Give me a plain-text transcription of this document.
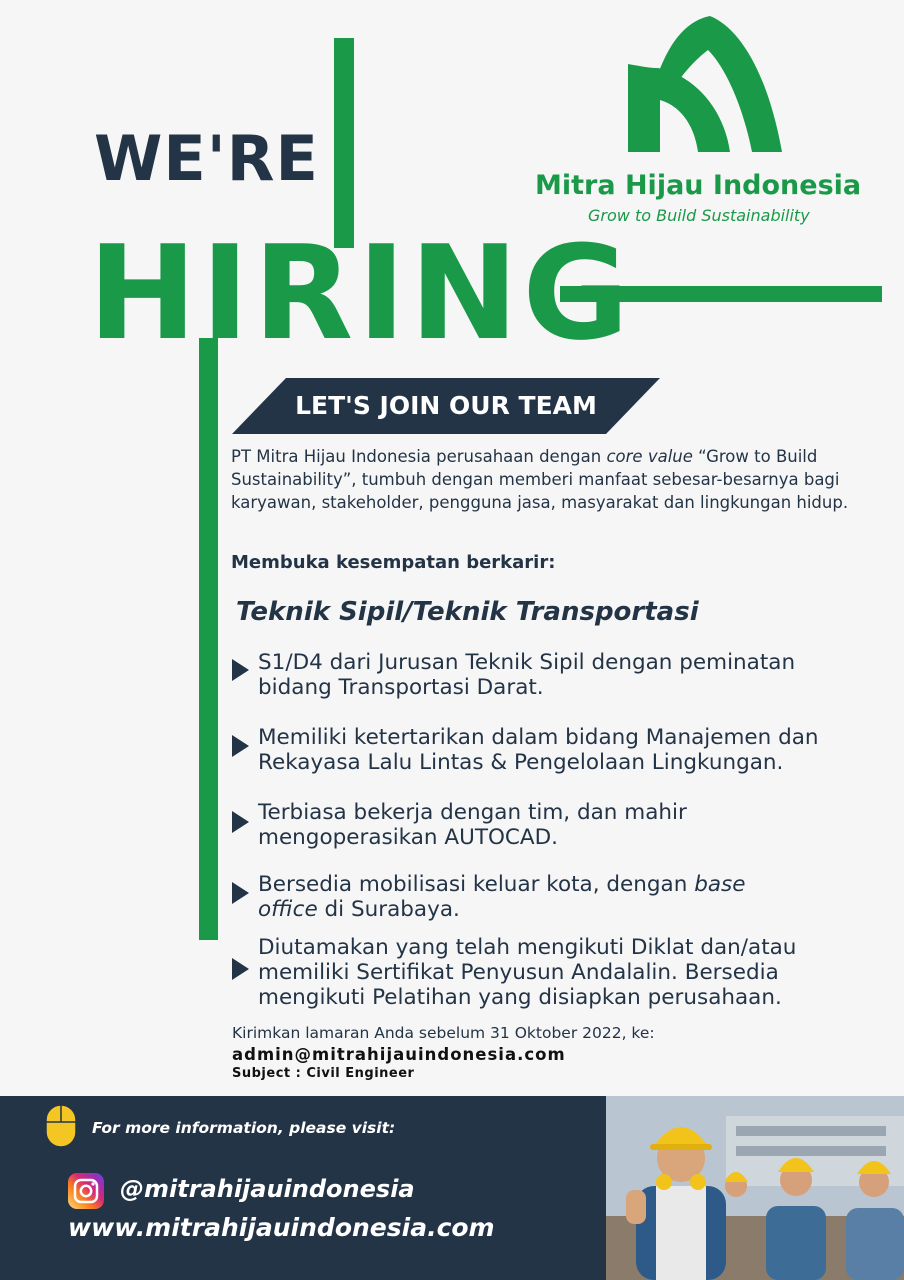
WE'RE
HIRING
Mitra Hijau Indonesia
Grow to Build Sustainability
LET'S JOIN OUR TEAM
PT Mitra Hijau Indonesia perusahaan dengan core value “Grow to Build Sustainability”, tumbuh dengan memberi manfaat sebesar-besarnya bagi karyawan, stakeholder, pengguna jasa, masyarakat dan lingkungan hidup.
Membuka kesempatan berkarir:
Teknik Sipil/Teknik Transportasi
S1/D4 dari Jurusan Teknik Sipil dengan peminatan bidang Transportasi Darat.
Memiliki ketertarikan dalam bidang Manajemen dan Rekayasa Lalu Lintas & Pengelolaan Lingkungan.
Terbiasa bekerja dengan tim, dan mahir mengoperasikan AUTOCAD.
Bersedia mobilisasi keluar kota, dengan base office di Surabaya.
Diutamakan yang telah mengikuti Diklat dan/atau memiliki Sertifikat Penyusun Andalalin. Bersedia mengikuti Pelatihan yang disiapkan perusahaan.
Kirimkan lamaran Anda sebelum 31 Oktober 2022, ke:
admin@mitrahijauindonesia.com
Subject : Civil Engineer
For more information, please visit:
@mitrahijauindonesia
www.mitrahijauindonesia.com
